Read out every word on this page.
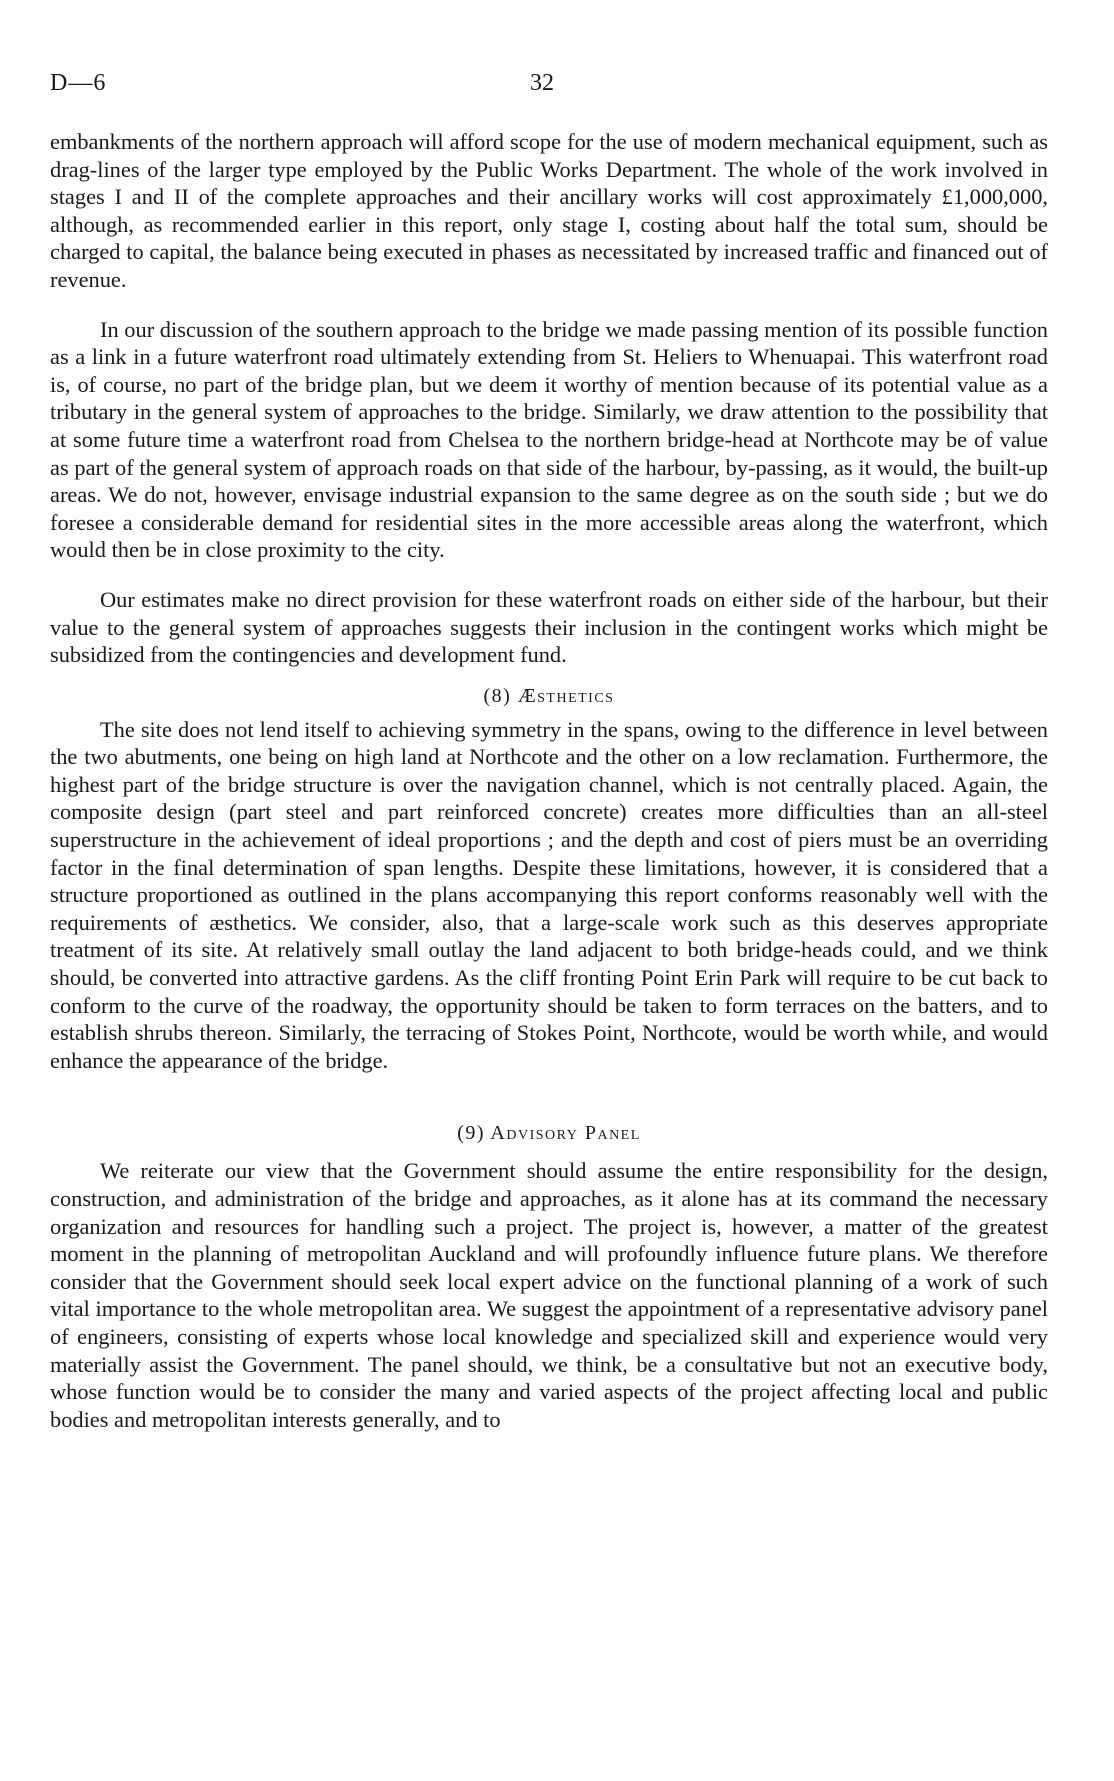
D—6	32

embankments of the northern approach will afford scope for the use of modern mechanical equipment, such as drag-lines of the larger type employed by the Public Works Department. The whole of the work involved in stages I and II of the complete approaches and their ancillary works will cost approximately £1,000,000, although, as recommended earlier in this report, only stage I, costing about half the total sum, should be charged to capital, the balance being executed in phases as necessitated by increased traffic and financed out of revenue.

In our discussion of the southern approach to the bridge we made passing mention of its possible function as a link in a future waterfront road ultimately extending from St. Heliers to Whenuapai. This waterfront road is, of course, no part of the bridge plan, but we deem it worthy of mention because of its potential value as a tributary in the general system of approaches to the bridge. Similarly, we draw attention to the possibility that at some future time a waterfront road from Chelsea to the northern bridge-head at Northcote may be of value as part of the general system of approach roads on that side of the harbour, by-passing, as it would, the built-up areas. We do not, however, envisage industrial expansion to the same degree as on the south side ; but we do foresee a considerable demand for residential sites in the more accessible areas along the waterfront, which would then be in close proximity to the city.

Our estimates make no direct provision for these waterfront roads on either side of the harbour, but their value to the general system of approaches suggests their inclusion in the contingent works which might be subsidized from the contingencies and development fund.

(8) Æsthetics

The site does not lend itself to achieving symmetry in the spans, owing to the difference in level between the two abutments, one being on high land at Northcote and the other on a low reclamation. Furthermore, the highest part of the bridge structure is over the navigation channel, which is not centrally placed. Again, the composite design (part steel and part reinforced concrete) creates more difficulties than an all-steel superstructure in the achievement of ideal proportions ; and the depth and cost of piers must be an overriding factor in the final determination of span lengths. Despite these limitations, however, it is considered that a structure proportioned as outlined in the plans accompanying this report conforms reasonably well with the requirements of æsthetics. We consider, also, that a large-scale work such as this deserves appropriate treatment of its site. At relatively small outlay the land adjacent to both bridge-heads could, and we think should, be converted into attractive gardens. As the cliff fronting Point Erin Park will require to be cut back to conform to the curve of the roadway, the opportunity should be taken to form terraces on the batters, and to establish shrubs thereon. Similarly, the terracing of Stokes Point, Northcote, would be worth while, and would enhance the appearance of the bridge.

(9) Advisory Panel

We reiterate our view that the Government should assume the entire responsibility for the design, construction, and administration of the bridge and approaches, as it alone has at its command the necessary organization and resources for handling such a project. The project is, however, a matter of the greatest moment in the planning of metropolitan Auckland and will profoundly influence future plans. We therefore consider that the Government should seek local expert advice on the functional planning of a work of such vital importance to the whole metropolitan area. We suggest the appointment of a representative advisory panel of engineers, consisting of experts whose local knowledge and specialized skill and experience would very materially assist the Government. The panel should, we think, be a consultative but not an executive body, whose function would be to consider the many and varied aspects of the project affecting local and public bodies and metropolitan interests generally, and to
